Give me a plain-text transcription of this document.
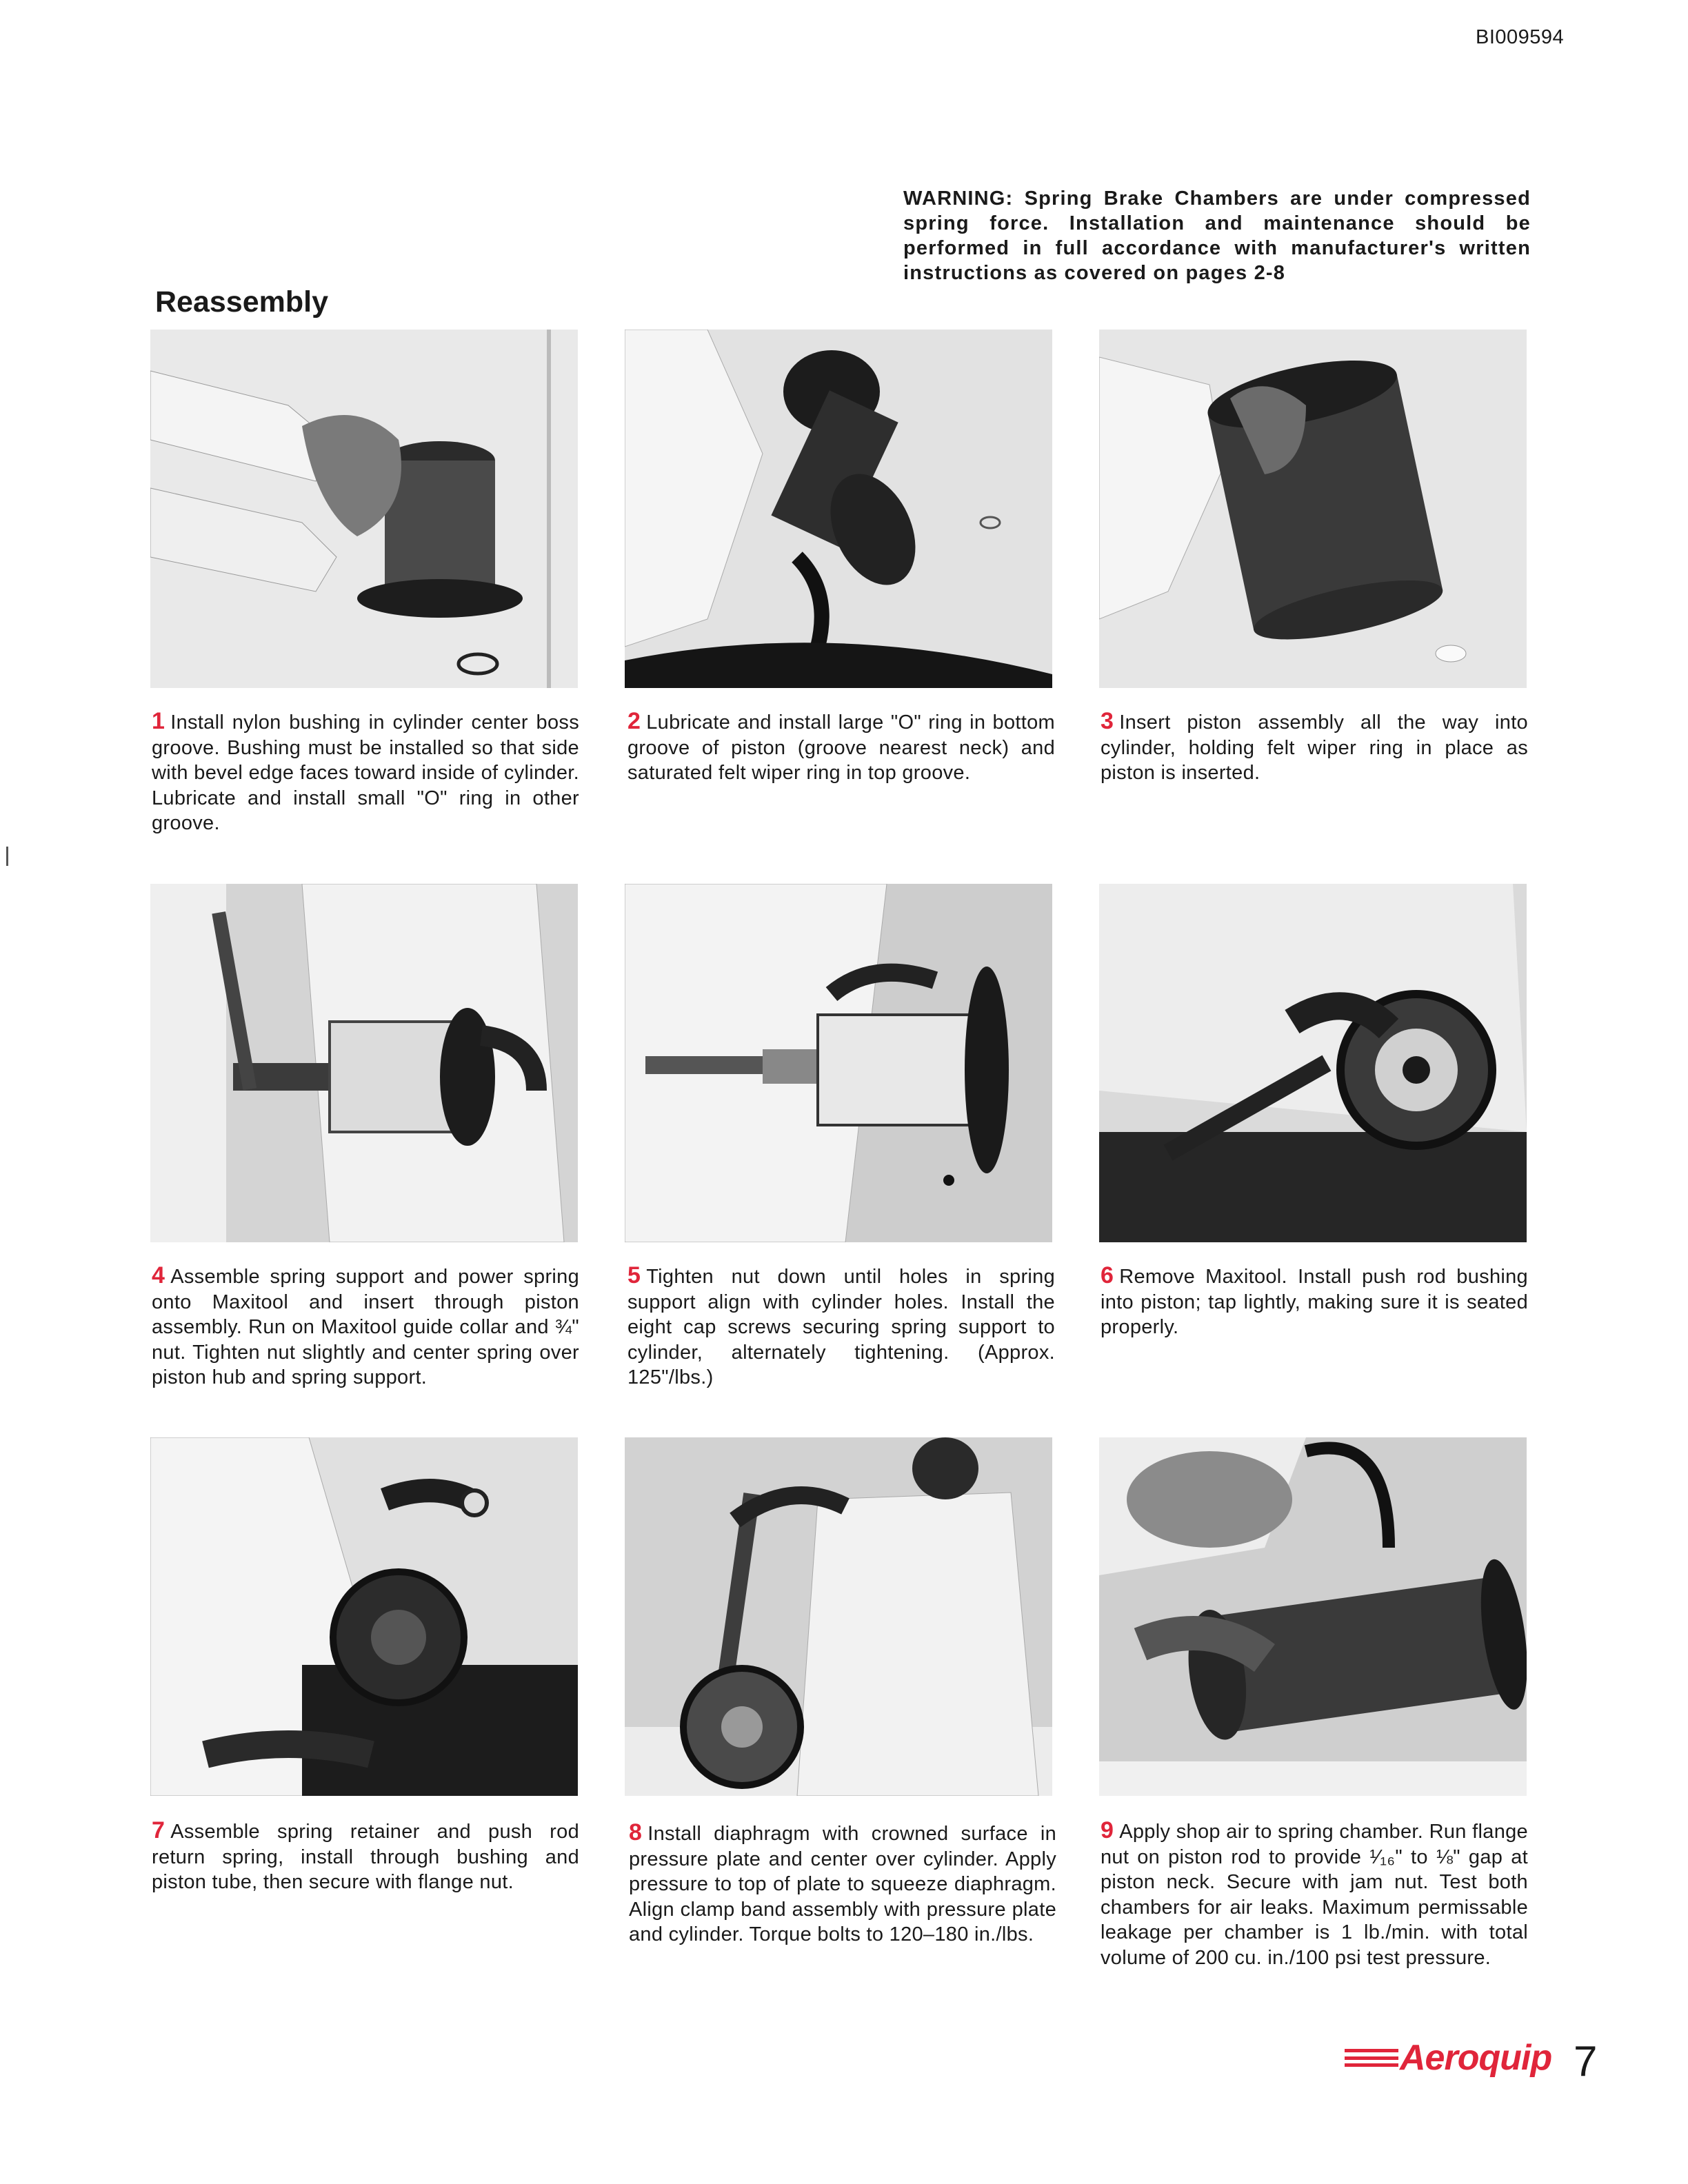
BI009594

WARNING: Spring Brake Chambers are under compressed spring force. Installation and maintenance should be performed in full accordance with manufacturer's written instructions as covered on pages 2-8

Reassembly

1 Install nylon bushing in cylinder center boss groove. Bushing must be installed so that side with bevel edge faces toward inside of cylinder. Lubricate and install small "O" ring in other groove.

2 Lubricate and install large "O" ring in bottom groove of piston (groove nearest neck) and saturated felt wiper ring in top groove.

3 Insert piston assembly all the way into cylinder, holding felt wiper ring in place as piston is inserted.

4 Assemble spring support and power spring onto Maxitool and insert through piston assembly. Run on Maxitool guide collar and ¾" nut. Tighten nut slightly and center spring over piston hub and spring support.

5 Tighten nut down until holes in spring support align with cylinder holes. Install the eight cap screws securing spring support to cylinder, alternately tightening. (Approx. 125"/lbs.)

6 Remove Maxitool. Install push rod bushing into piston; tap lightly, making sure it is seated properly.

7 Assemble spring retainer and push rod return spring, install through bushing and piston tube, then secure with flange nut.

8 Install diaphragm with crowned surface in pressure plate and center over cylinder. Apply pressure to top of plate to squeeze diaphragm. Align clamp band assembly with pressure plate and cylinder. Torque bolts to 120–180 in./lbs.

9 Apply shop air to spring chamber. Run flange nut on piston rod to provide ¹⁄₁₆" to ⅛" gap at piston neck. Secure with jam nut. Test both chambers for air leaks. Maximum permissable leakage per chamber is 1 lb./min. with total volume of 200 cu. in./100 psi test pressure.

Aeroquip 7
